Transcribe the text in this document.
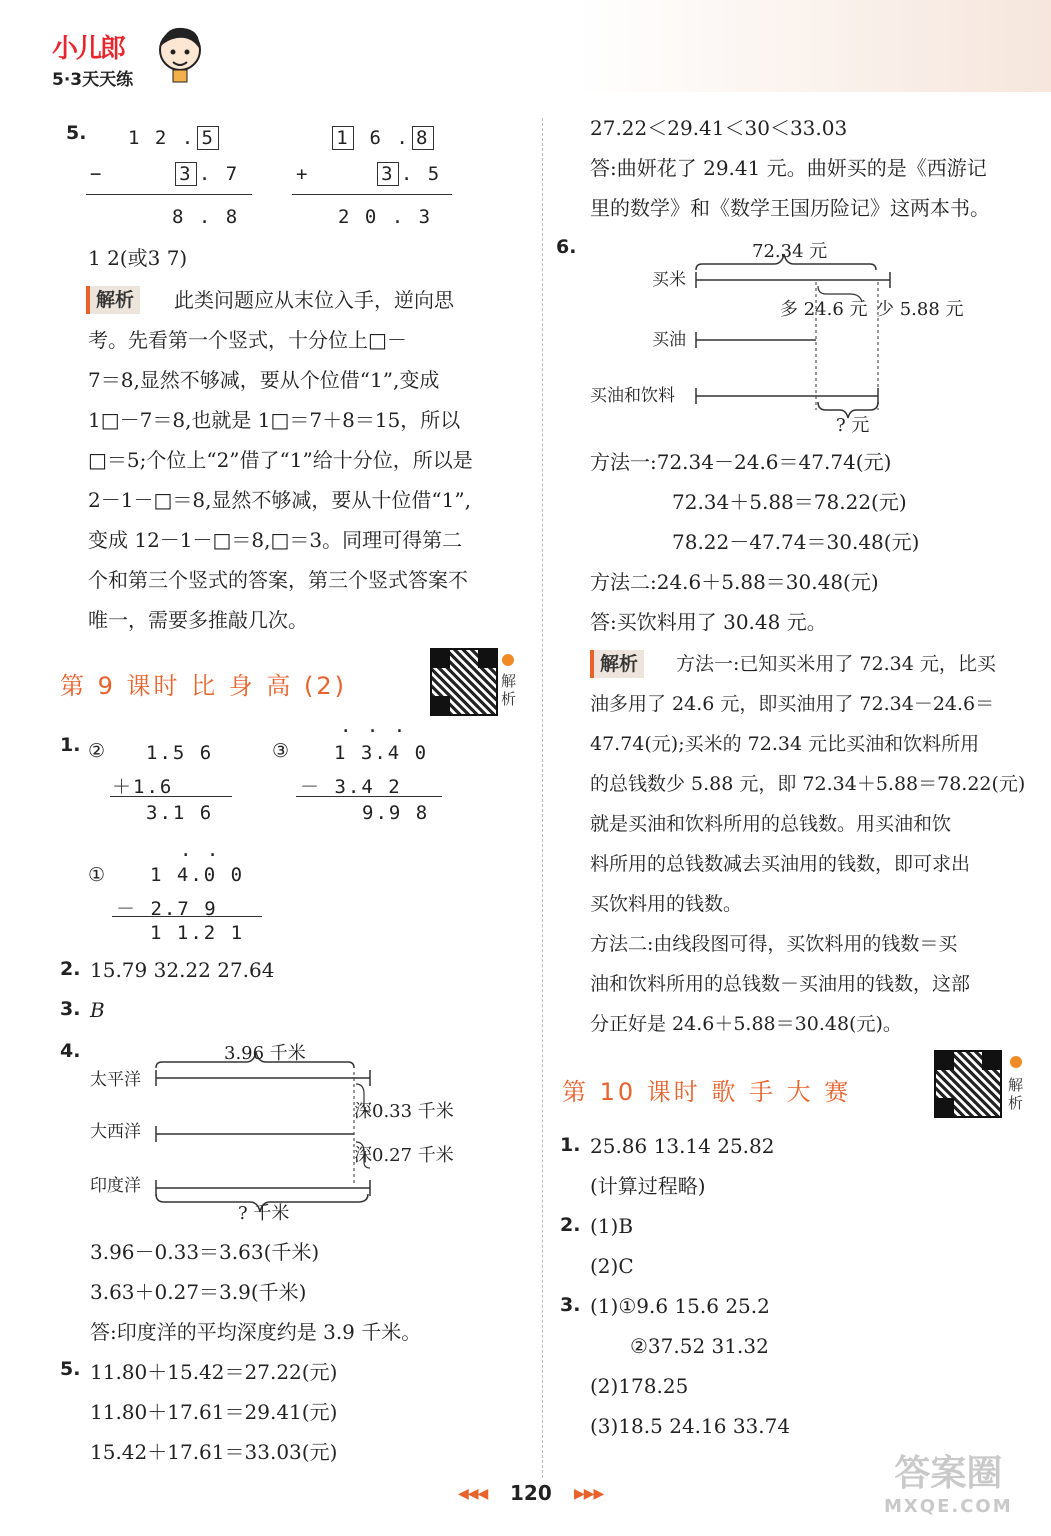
小儿郎
5·3天天练
5. 1 2 . 5
−	3 . 7
8 . 8
1 6 . 8
+	3 . 5
2 0 . 3
1 2(或3 7)
解析	此类问题应从末位入手，逆向思
考。先看第一个竖式，十分位上□－
7＝8,显然不够减，要从个位借“1”,变成
1□－7＝8,也就是 1□＝7＋8＝15，所以
□＝5;个位上“2”借了“1”给十分位，所以是
2－1－□＝8,显然不够减，要从十位借“1”,
变成 12－1－□＝8,□＝3。同理可得第二
个和第三个竖式的答案，第三个竖式答案不
唯一，需要多推敲几次。
第 9 课时 比 身 高 (2)	解析
1. ② 1.5 6
＋1.6
3.1 6
③
· · ·
1 3.4 0
－ 3.4 2
9.9 8
①
· ·
1 4.0 0
－ 2.7 9
1 1.2 1
2. 15.79 32.22 27.64
3. B
4.	3.96 千米
太平洋
大西洋
印度洋
深0.33 千米
深0.27 千米
? 千米
3.96－0.33＝3.63(千米)
3.63＋0.27＝3.9(千米)
答:印度洋的平均深度约是 3.9 千米。
5. 11.80＋15.42＝27.22(元)
11.80＋17.61＝29.41(元)
15.42＋17.61＝33.03(元)
27.22＜29.41＜30＜33.03
答:曲妍花了 29.41 元。曲妍买的是《西游记
里的数学》和《数学王国历险记》这两本书。
6.	72.34 元
买米
多 24.6 元 少 5.88 元
买油
买油和饮料
? 元
方法一:72.34－24.6＝47.74(元)
72.34＋5.88＝78.22(元)
78.22－47.74＝30.48(元)
方法二:24.6＋5.88＝30.48(元)
答:买饮料用了 30.48 元。
解析	方法一:已知买米用了 72.34 元，比买
油多用了 24.6 元，即买油用了 72.34－24.6＝
47.74(元);买米的 72.34 元比买油和饮料所用
的总钱数少 5.88 元，即 72.34＋5.88＝78.22(元)
就是买油和饮料所用的总钱数。用买油和饮
料所用的总钱数减去买油用的钱数，即可求出
买饮料用的钱数。
方法二:由线段图可得，买饮料用的钱数＝买
油和饮料所用的总钱数－买油用的钱数，这部
分正好是 24.6＋5.88＝30.48(元)。
第 10 课时 歌 手 大 赛	解析
1. 25.86 13.14 25.82
(计算过程略)
2. (1)B
(2)C
3. (1)①9.6 15.6 25.2
②37.52 31.32
(2)178.25
(3)18.5 24.16 33.74
◀◀◀ 120 ▶▶▶	答案圈
MXQE.COM
